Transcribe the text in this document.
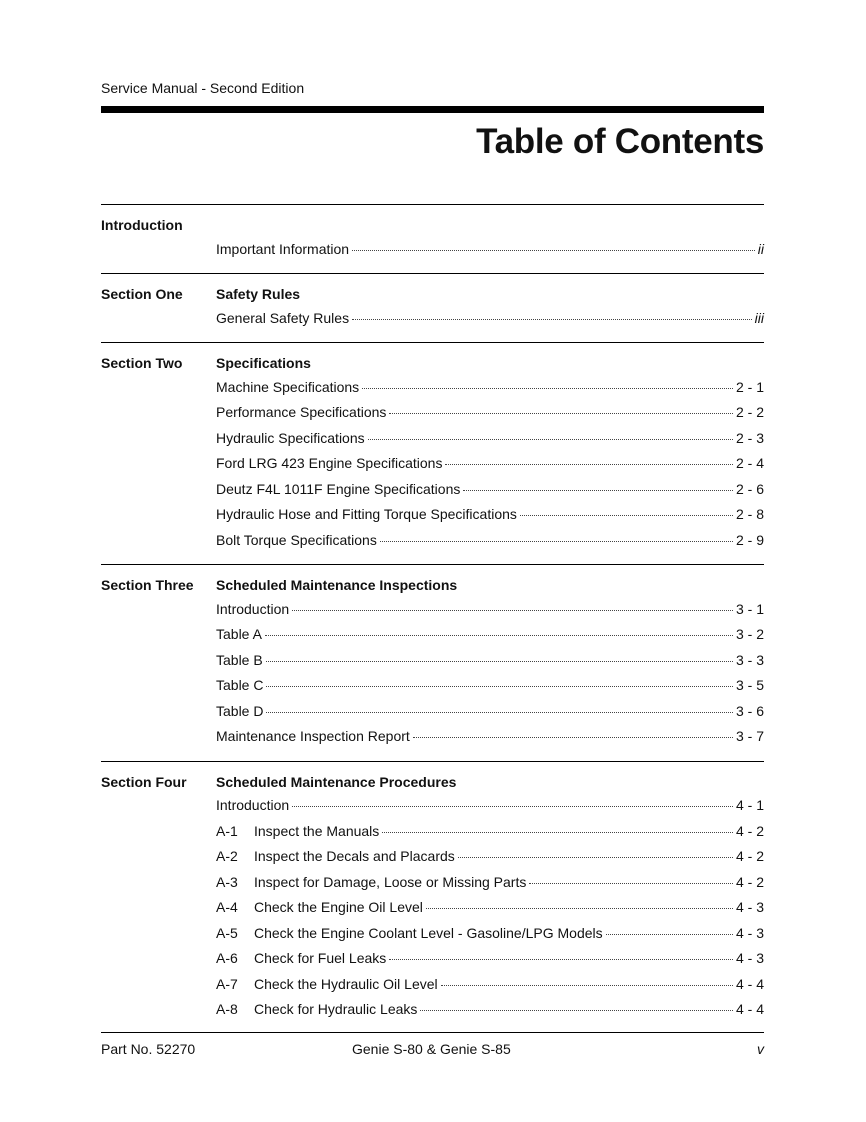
Service Manual - Second Edition
Table of Contents
Introduction
Important Information	ii
Section One	Safety Rules
General Safety Rules	iii
Section Two	Specifications
Machine Specifications	2 - 1
Performance Specifications	2 - 2
Hydraulic Specifications	2 - 3
Ford LRG 423 Engine Specifications	2 - 4
Deutz F4L 1011F Engine Specifications	2 - 6
Hydraulic Hose and Fitting Torque Specifications	2 - 8
Bolt Torque Specifications	2 - 9
Section Three	Scheduled Maintenance Inspections
Introduction	3 - 1
Table A	3 - 2
Table B	3 - 3
Table C	3 - 5
Table D	3 - 6
Maintenance Inspection Report	3 - 7
Section Four	Scheduled Maintenance Procedures
Introduction	4 - 1
A-1	Inspect the Manuals	4 - 2
A-2	Inspect the Decals and Placards	4 - 2
A-3	Inspect for Damage, Loose or Missing Parts	4 - 2
A-4	Check the Engine Oil Level	4 - 3
A-5	Check the Engine Coolant Level - Gasoline/LPG Models	4 - 3
A-6	Check for Fuel Leaks	4 - 3
A-7	Check the Hydraulic Oil Level	4 - 4
A-8	Check for Hydraulic Leaks	4 - 4
Part No. 52270	Genie S-80 & Genie S-85	v
